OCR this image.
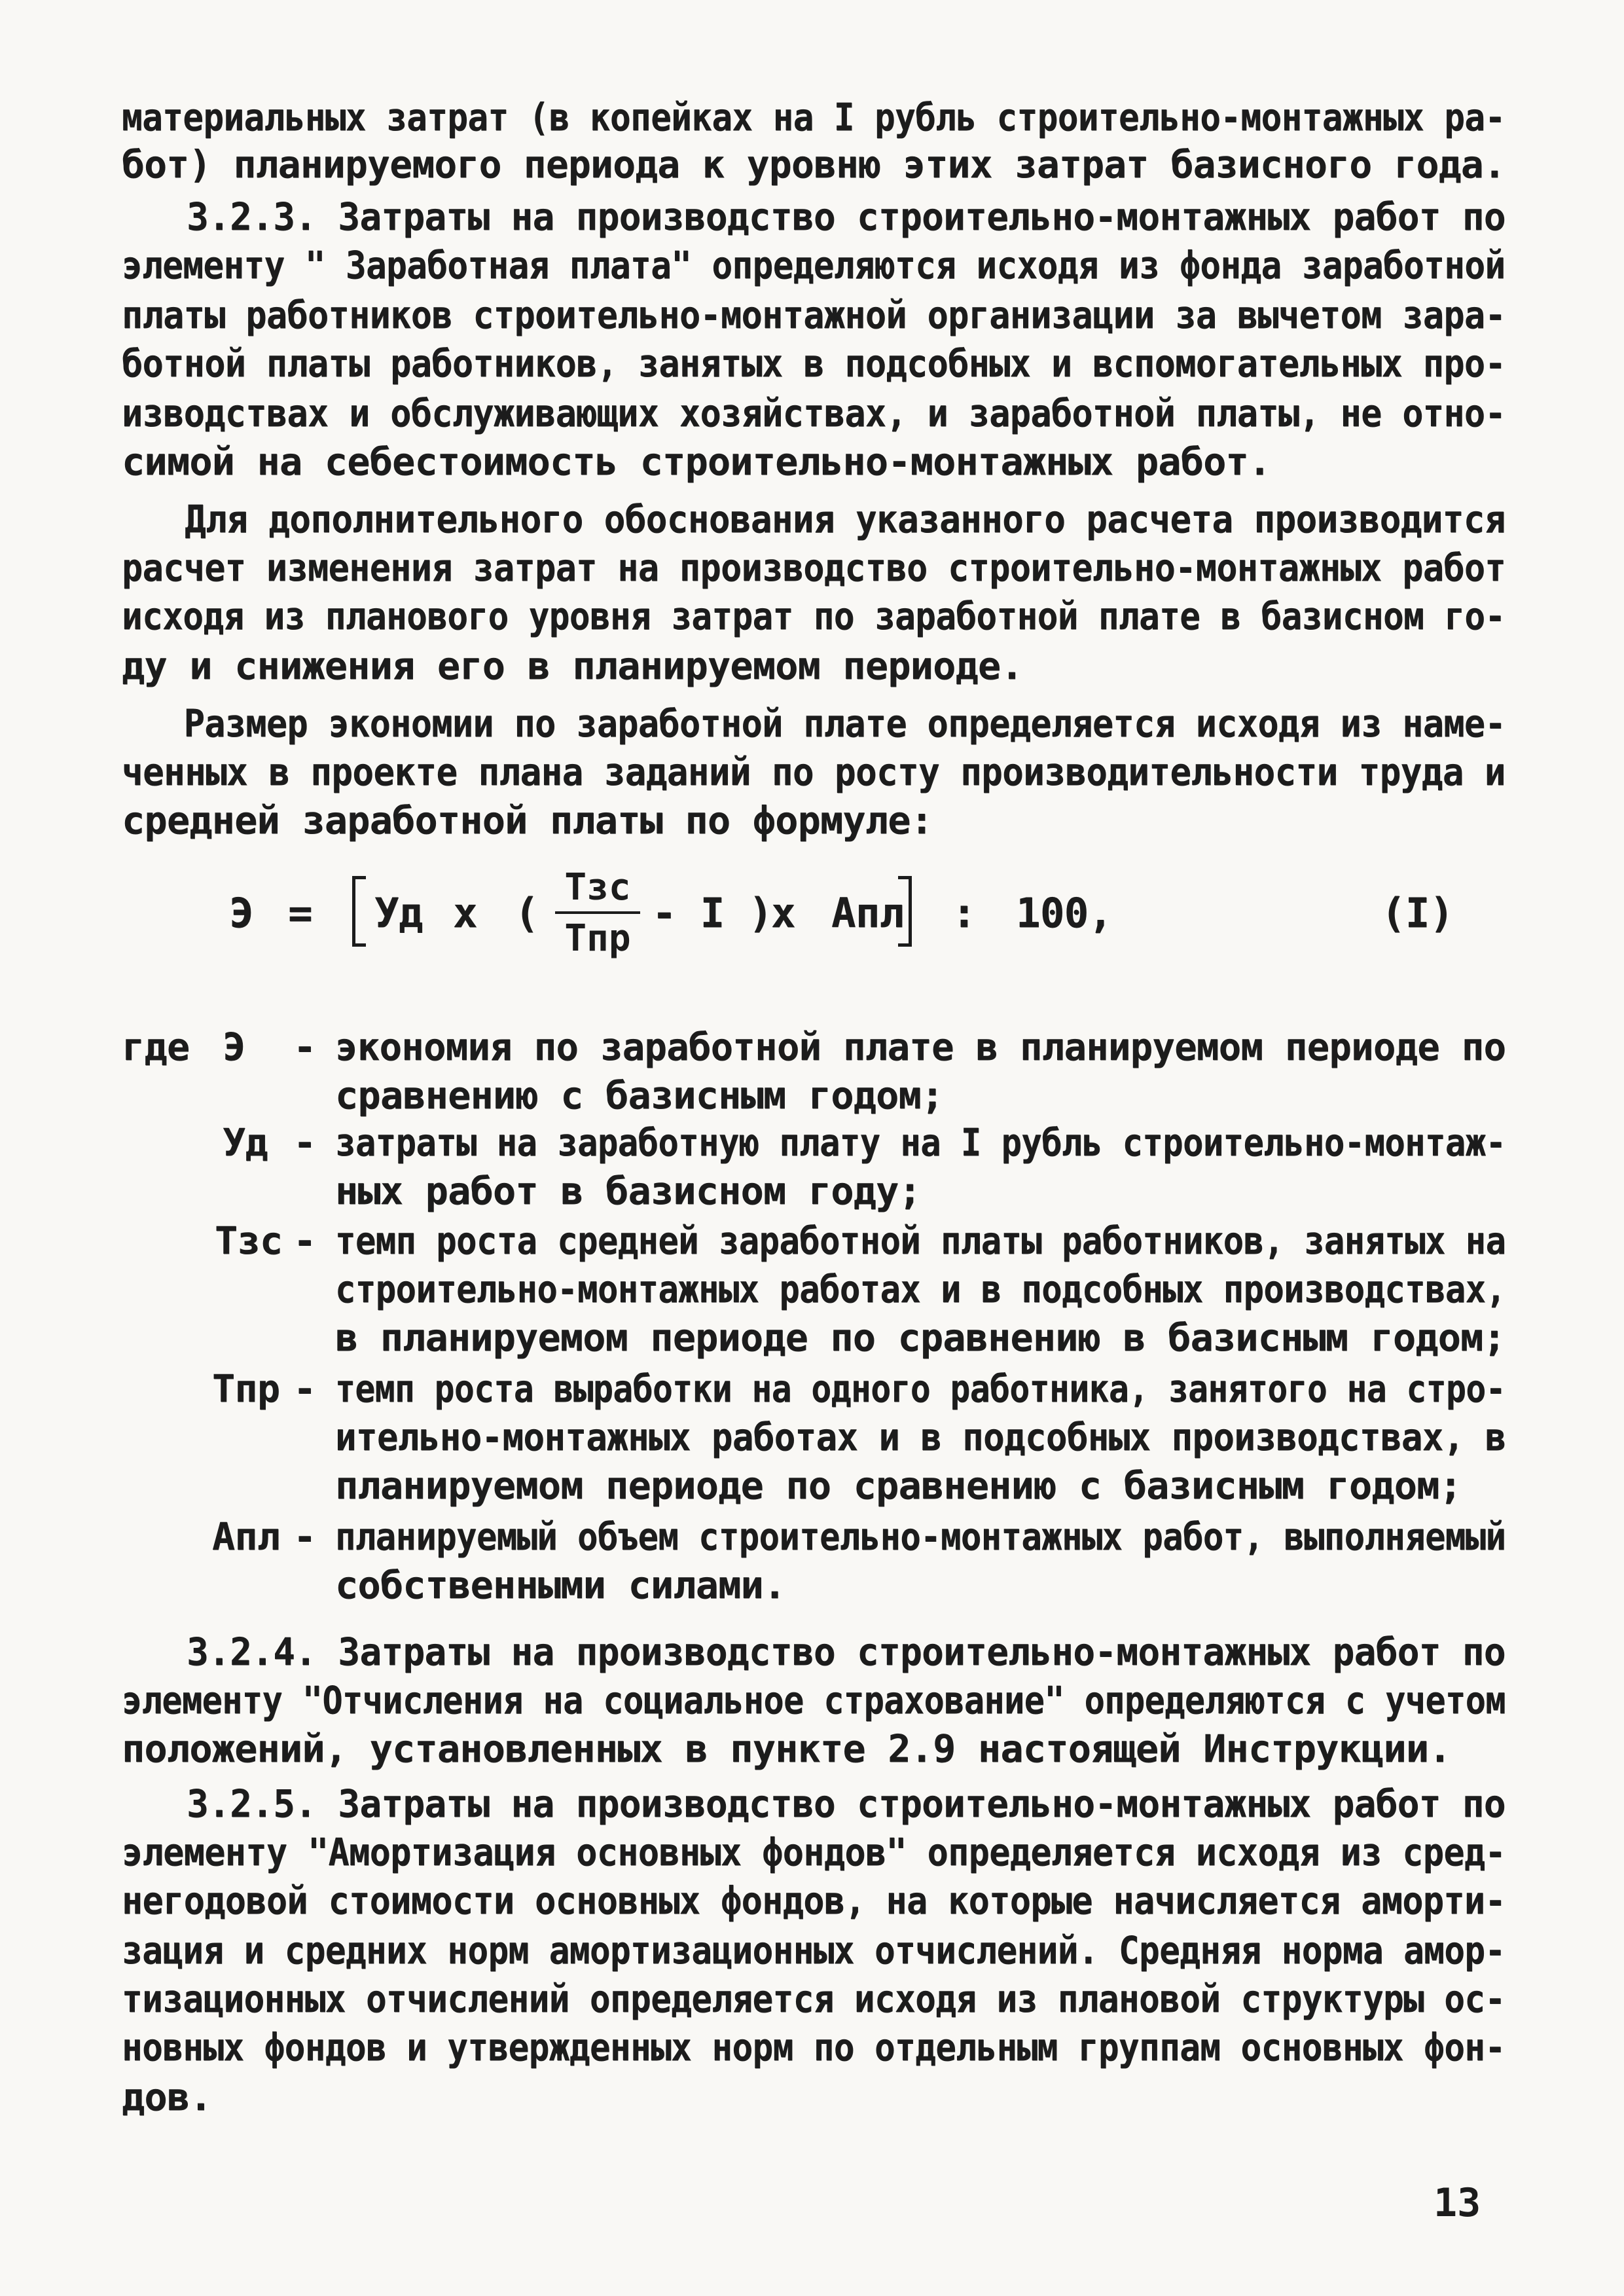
материальных затрат (в копейках на I рубль строительно-монтажных ра-
бот) планируемого периода к уровню этих затрат базисного года.
3.2.3. Затраты на производство строительно-монтажных работ по
элементу " Заработная плата" определяются исходя из фонда заработной
платы работников строительно-монтажной организации за вычетом зара-
ботной платы работников, занятых в подсобных и вспомогательных про-
изводствах и обслуживающих хозяйствах, и заработной платы, не отно-
симой на себестоимость строительно-монтажных работ.
Для дополнительного обоснования указанного расчета производится
расчет изменения затрат на производство строительно-монтажных работ
исходя из планового уровня затрат по заработной плате в базисном го-
ду и снижения его в планируемом периоде.
Размер экономии по заработной плате определяется исходя из наме-
ченных в проекте плана заданий по росту производительности труда и
средней заработной платы по формуле:
Э = Уд х (
Тзс
Тпр
- I )
х Апл : 100,	(I)
где Э - экономия по заработной плате в планируемом периоде по
сравнению с базисным годом;
Уд - затраты на заработную плату на I рубль строительно-монтаж-
ных работ в базисном году;
Тзс - темп роста средней заработной платы работников, занятых на
строительно-монтажных работах и в подсобных производствах,
в планируемом периоде по сравнению в базисным годом;
Тпр - темп роста выработки на одного работника, занятого на стро-
ительно-монтажных работах и в подсобных производствах, в
планируемом периоде по сравнению с базисным годом;
Апл - планируемый объем строительно-монтажных работ, выполняемый
собственными силами.
3.2.4. Затраты на производство строительно-монтажных работ по
элементу "Отчисления на социальное страхование" определяются с учетом
положений, установленных в пункте 2.9 настоящей Инструкции.
3.2.5. Затраты на производство строительно-монтажных работ по
элементу "Амортизация основных фондов" определяется исходя из сред-
негодовой стоимости основных фондов, на которые начисляется аморти-
зация и средних норм амортизационных отчислений. Средняя норма амор-
тизационных отчислений определяется исходя из плановой структуры ос-
новных фондов и утвержденных норм по отдельным группам основных фон-
дов.
13
